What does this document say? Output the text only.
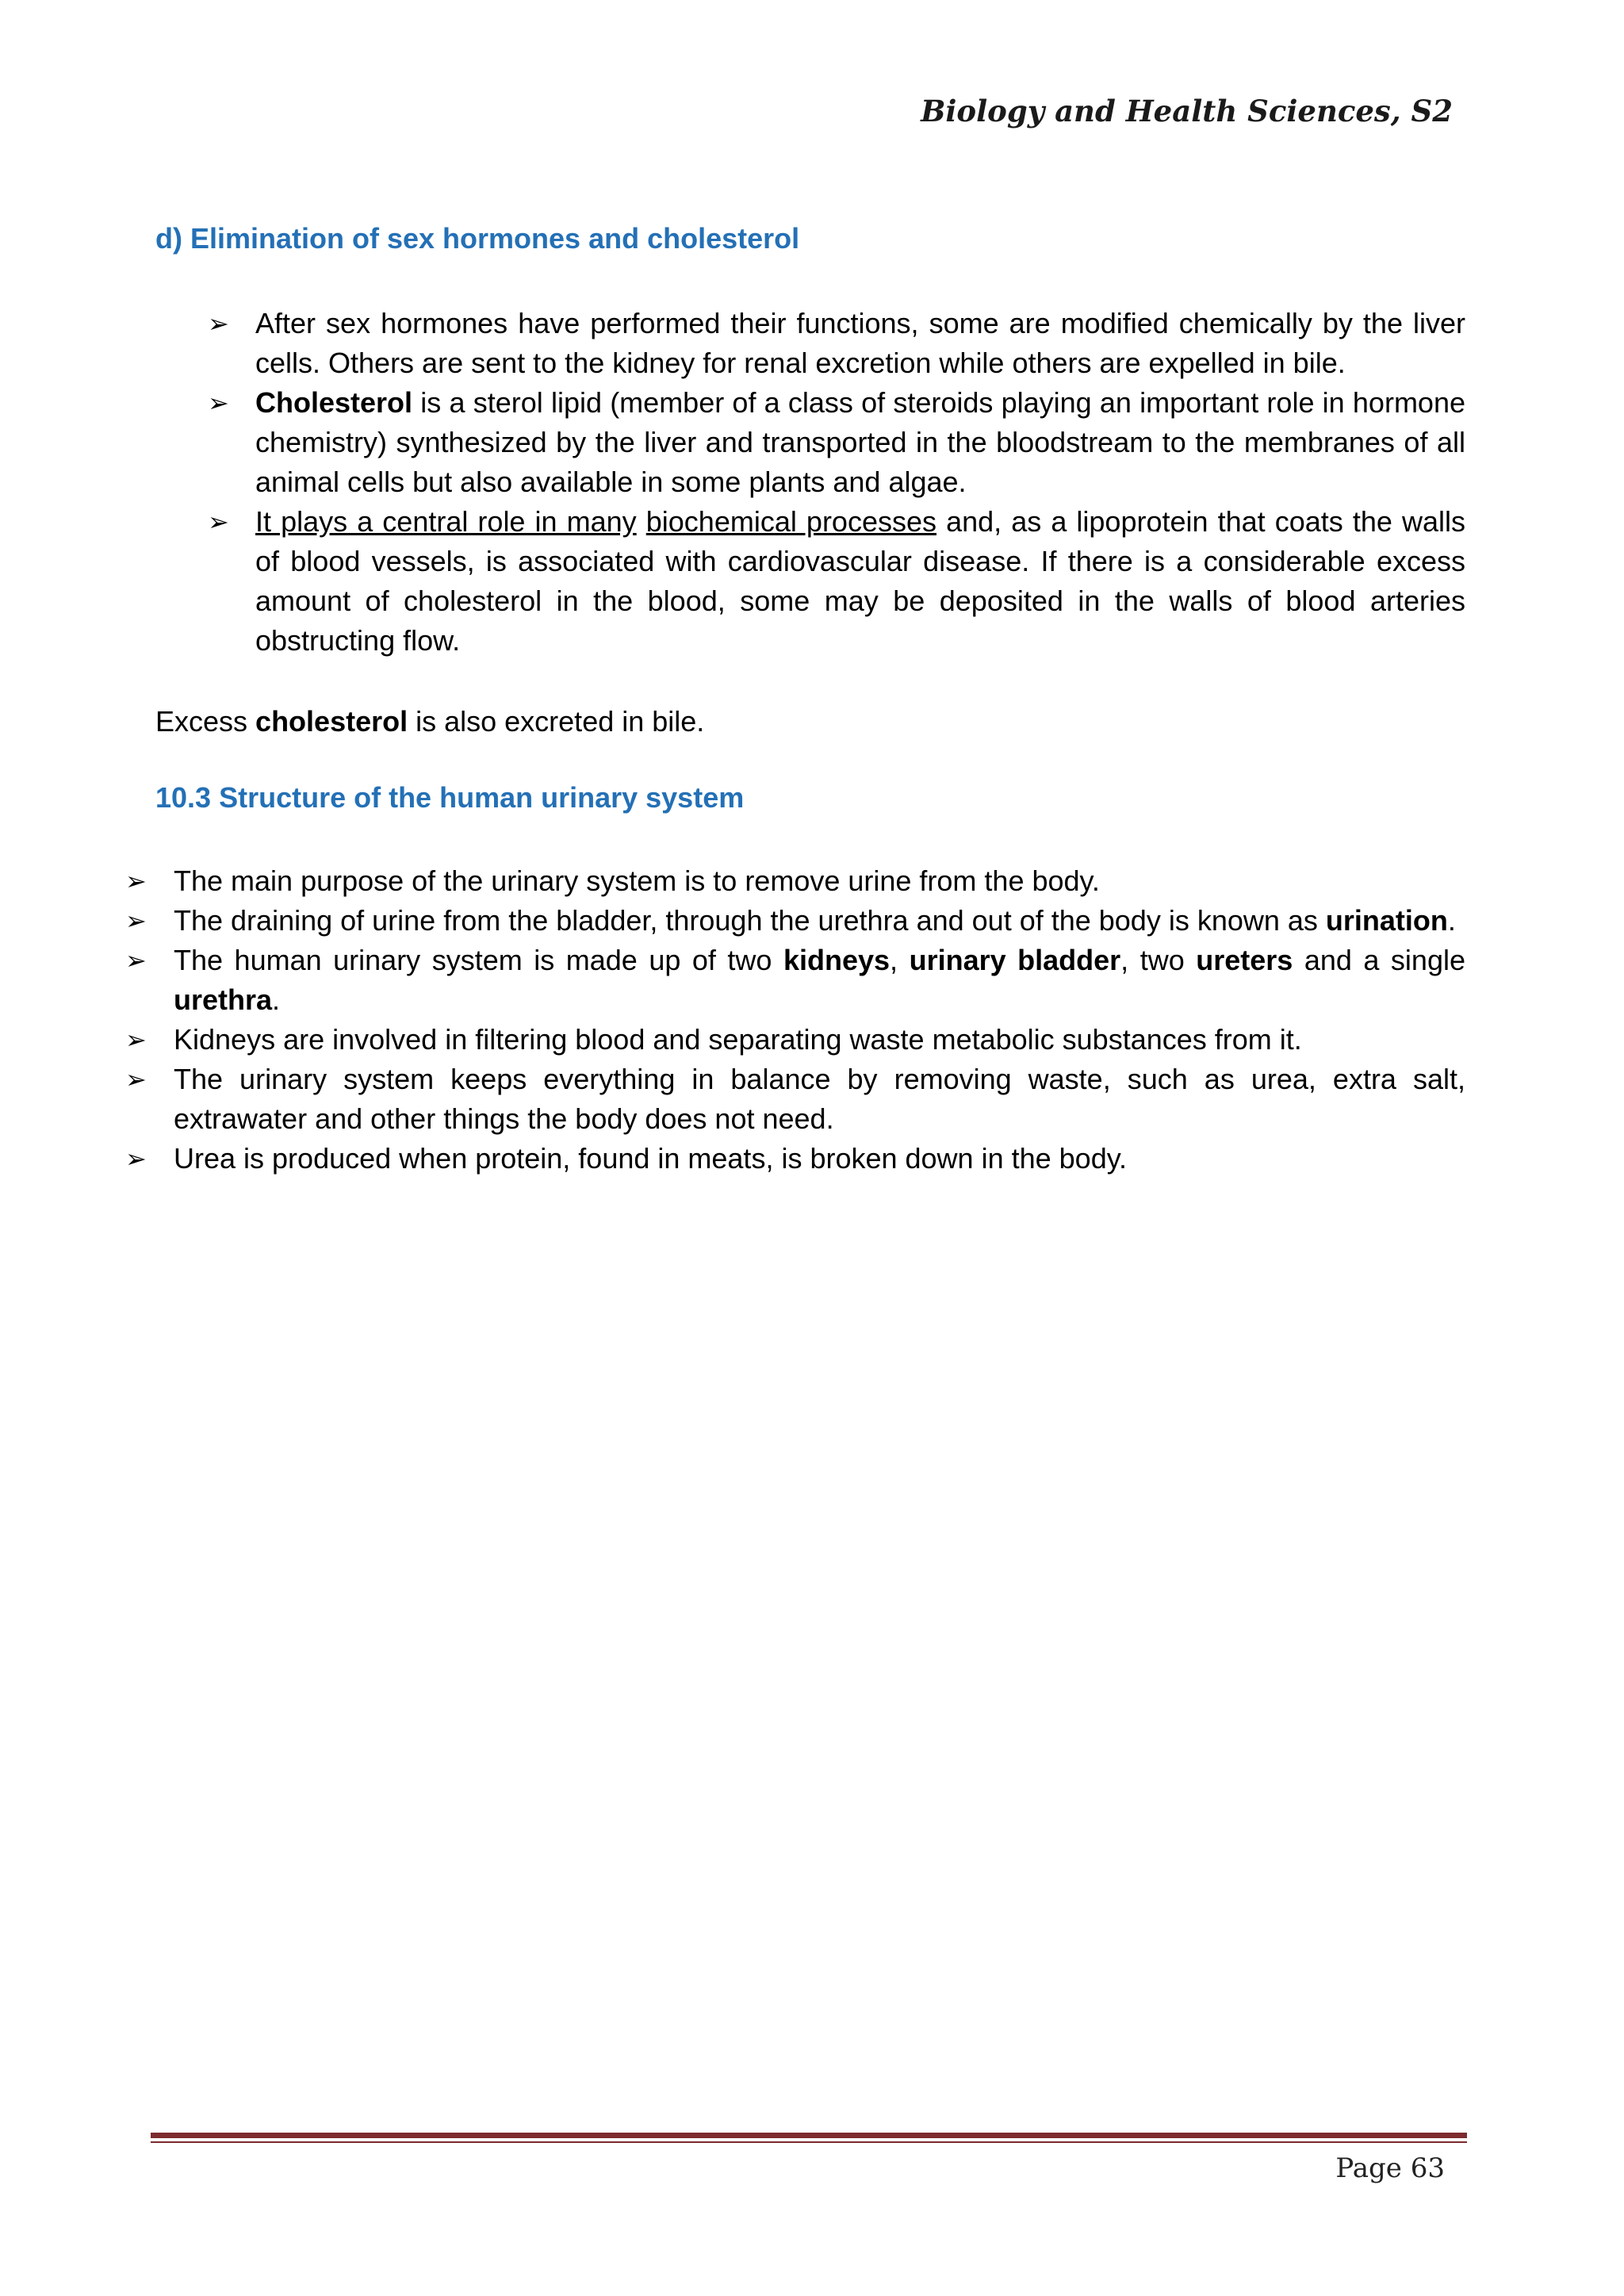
Biology and Health Sciences, S2
d) Elimination of sex hormones and cholesterol
➢ After sex hormones have performed their functions, some are modified chemically by the liver cells. Others are sent to the kidney for renal excretion while others are expelled in bile.
➢ Cholesterol is a sterol lipid (member of a class of steroids playing an important role in hormone chemistry) synthesized by the liver and transported in the bloodstream to the membranes of all animal cells but also available in some plants and algae.
➢ It plays a central role in many biochemical processes and, as a lipoprotein that coats the walls of blood vessels, is associated with cardiovascular disease. If there is a considerable excess amount of cholesterol in the blood, some may be deposited in the walls of blood arteries obstructing flow.
Excess cholesterol is also excreted in bile.
10.3 Structure of the human urinary system
➢ The main purpose of the urinary system is to remove urine from the body.
➢ The draining of urine from the bladder, through the urethra and out of the body is known as urination.
➢ The human urinary system is made up of two kidneys, urinary bladder, two ureters and a single urethra.
➢ Kidneys are involved in filtering blood and separating waste metabolic substances from it.
➢ The urinary system keeps everything in balance by removing waste, such as urea, extra salt, extrawater and other things the body does not need.
➢ Urea is produced when protein, found in meats, is broken down in the body.
Page 63
